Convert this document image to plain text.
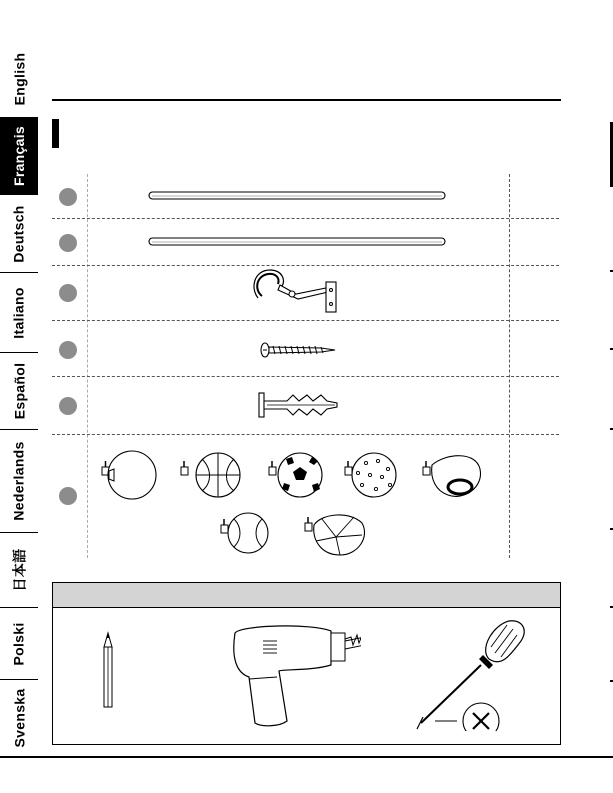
English
Français
Deutsch
Italiano
Español
Nederlands
日本語
Polski
Svenska
